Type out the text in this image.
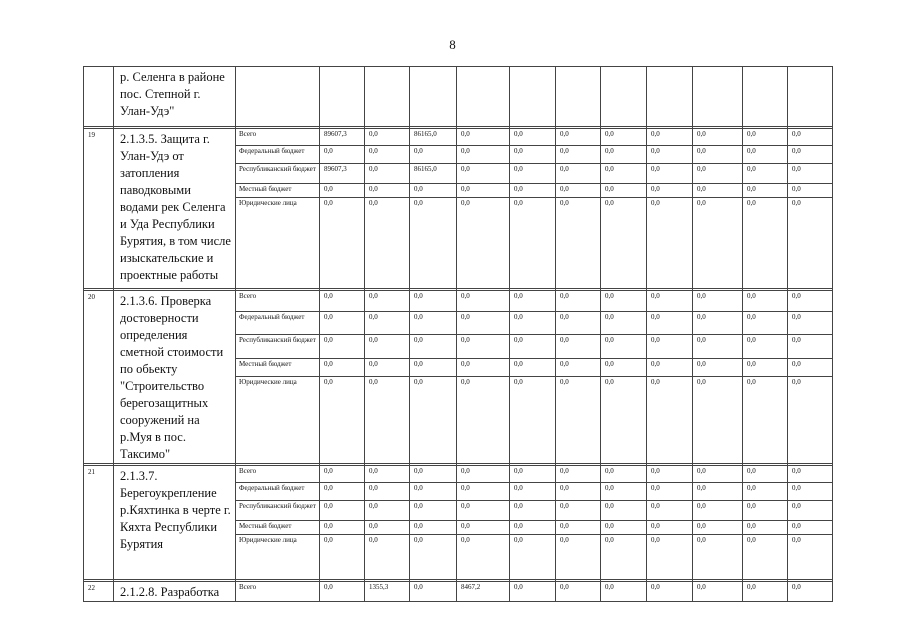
8
	р. Селенга в районе пос. Степной г. Улан-Удэ"												

19	2.1.3.5. Защита г. Улан-Удэ от затопления паводковыми водами рек Селенга и Уда Республики Бурятия, в том числе изыскательские и проектные работы	Всего	89607,3	0,0	86165,0	0,0	0,0	0,0	0,0	0,0	0,0	0,0	0,0
		Федеральный бюджет	0,0	0,0	0,0	0,0	0,0	0,0	0,0	0,0	0,0	0,0	0,0
		Республиканский бюджет	89607,3	0,0	86165,0	0,0	0,0	0,0	0,0	0,0	0,0	0,0	0,0
		Местный бюджет	0,0	0,0	0,0	0,0	0,0	0,0	0,0	0,0	0,0	0,0	0,0
		Юридические лица	0,0	0,0	0,0	0,0	0,0	0,0	0,0	0,0	0,0	0,0	0,0

20	2.1.3.6. Проверка достоверности определения сметной стоимости по обьекту "Строительство берегозащитных сооружений на р.Муя в пос. Таксимо"	Всего	0,0	0,0	0,0	0,0	0,0	0,0	0,0	0,0	0,0	0,0	0,0
		Федеральный бюджет	0,0	0,0	0,0	0,0	0,0	0,0	0,0	0,0	0,0	0,0	0,0
		Республиканский бюджет	0,0	0,0	0,0	0,0	0,0	0,0	0,0	0,0	0,0	0,0	0,0
		Местный бюджет	0,0	0,0	0,0	0,0	0,0	0,0	0,0	0,0	0,0	0,0	0,0
		Юридические лица	0,0	0,0	0,0	0,0	0,0	0,0	0,0	0,0	0,0	0,0	0,0

21	2.1.3.7. Берегоукрепление р.Кяхтинка в черте г. Кяхта Республики Бурятия	Всего	0,0	0,0	0,0	0,0	0,0	0,0	0,0	0,0	0,0	0,0	0,0
		Федеральный бюджет	0,0	0,0	0,0	0,0	0,0	0,0	0,0	0,0	0,0	0,0	0,0
		Республиканский бюджет	0,0	0,0	0,0	0,0	0,0	0,0	0,0	0,0	0,0	0,0	0,0
		Местный бюджет	0,0	0,0	0,0	0,0	0,0	0,0	0,0	0,0	0,0	0,0	0,0
		Юридические лица	0,0	0,0	0,0	0,0	0,0	0,0	0,0	0,0	0,0	0,0	0,0

22	2.1.2.8. Разработка	Всего	0,0	1355,3	0,0	8467,2	0,0	0,0	0,0	0,0	0,0	0,0	0,0
